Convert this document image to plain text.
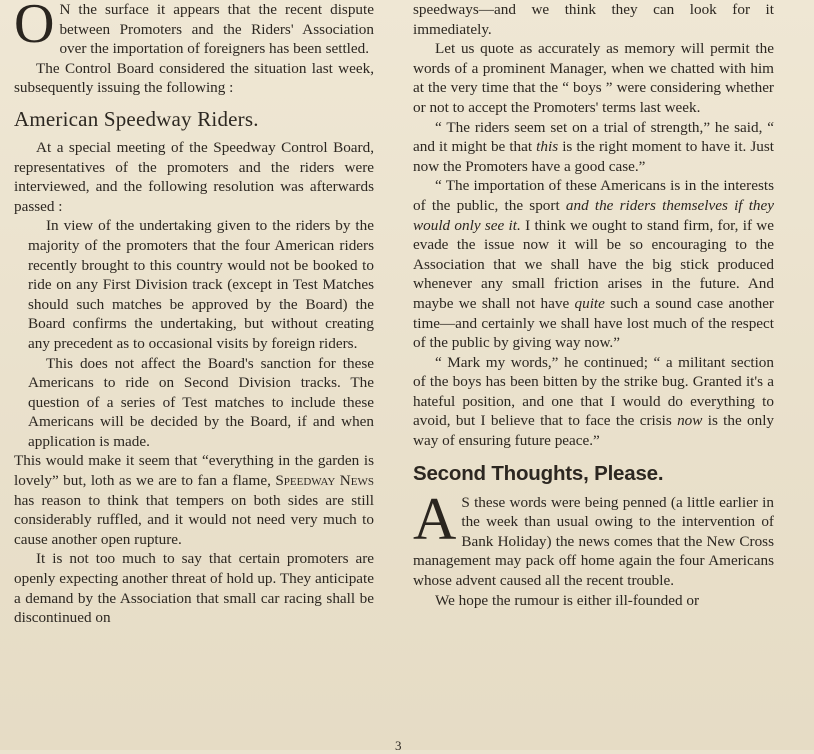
O N the surface it appears that the recent dispute between Promoters and the Riders' Association over the importation of foreigners has been settled.

The Control Board considered the situation last week, subsequently issuing the following :

American Speedway Riders.

At a special meeting of the Speedway Control Board, representatives of the promoters and the riders were interviewed, and the following resolution was afterwards passed :

In view of the undertaking given to the riders by the majority of the promoters that the four American riders recently brought to this country would not be booked to ride on any First Division track (except in Test Matches should such matches be approved by the Board) the Board confirms the undertaking, but without creating any precedent as to occasional visits by foreign riders.

This does not affect the Board's sanction for these Americans to ride on Second Division tracks. The question of a series of Test matches to include these Americans will be decided by the Board, if and when application is made.

This would make it seem that “everything in the garden is lovely” but, loth as we are to fan a flame, Speedway News has reason to think that tempers on both sides are still considerably ruffled, and it would not need very much to cause another open rupture.

It is not too much to say that certain promoters are openly expecting another threat of hold up. They anticipate a demand by the Association that small car racing shall be discontinued on

speedways—and we think they can look for it immediately.

Let us quote as accurately as memory will permit the words of a prominent Manager, when we chatted with him at the very time that the “ boys ” were considering whether or not to accept the Promoters' terms last week.

“ The riders seem set on a trial of strength,” he said, “ and it might be that this is the right moment to have it. Just now the Promoters have a good case.”

“ The importation of these Americans is in the interests of the public, the sport and the riders themselves if they would only see it. I think we ought to stand firm, for, if we evade the issue now it will be so encouraging to the Association that we shall have the big stick produced whenever any small friction arises in the future. And maybe we shall not have quite such a sound case another time—and certainly we shall have lost much of the respect of the public by giving way now.”

“ Mark my words,” he continued; “ a militant section of the boys has been bitten by the strike bug. Granted it's a hateful position, and one that I would do everything to avoid, but I believe that to face the crisis now is the only way of ensuring future peace.”

Second Thoughts, Please.
A S these words were being penned (a little earlier in the week than usual owing to the intervention of Bank Holiday) the news comes that the New Cross management may pack off home again the four Americans whose advent caused all the recent trouble.

We hope the rumour is either ill-founded or

3
